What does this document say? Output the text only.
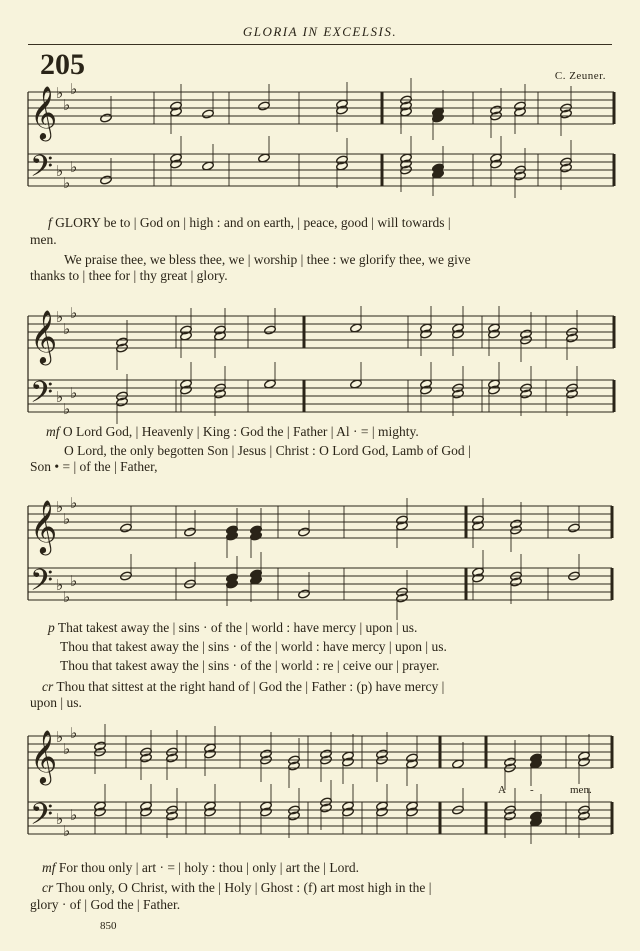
GLORIA IN EXCELSIS.
205	C. Zeuner.
𝄞
♭
♭
♭
𝄢 ♭
♭
♭
𝄞
♭
♭
♭
𝄢 ♭
♭
♭
𝄞
♭
♭
♭
𝄢 ♭
♭
♭
𝄞
♭
♭
♭
𝄢 ♭
♭
♭
f GLORY be to | God on | high : and on earth, | peace, good | will towards |
men.
We praise thee, we bless thee, we | worship | thee : we glorify thee, we give
thanks to | thee for | thy great | glory.
mf O Lord God, | Heavenly | King : God the | Father | Al · = | mighty.
O Lord, the only begotten Son | Jesus | Christ : O Lord God, Lamb of God |
Son • = | of the | Father,
p That takest away the | sins · of the | world : have mercy | upon | us.
Thou that takest away the | sins · of the | world : have mercy | upon | us.
Thou that takest away the | sins · of the | world : re | ceive our | prayer.
cr Thou that sittest at the right hand of | God the | Father : (p) have mercy |
upon | us.
A -	men.
mf For thou only | art · = | holy : thou | only | art the | Lord.
cr Thou only, O Christ, with the | Holy | Ghost : (f) art most high in the |
glory · of | God the | Father.
850
